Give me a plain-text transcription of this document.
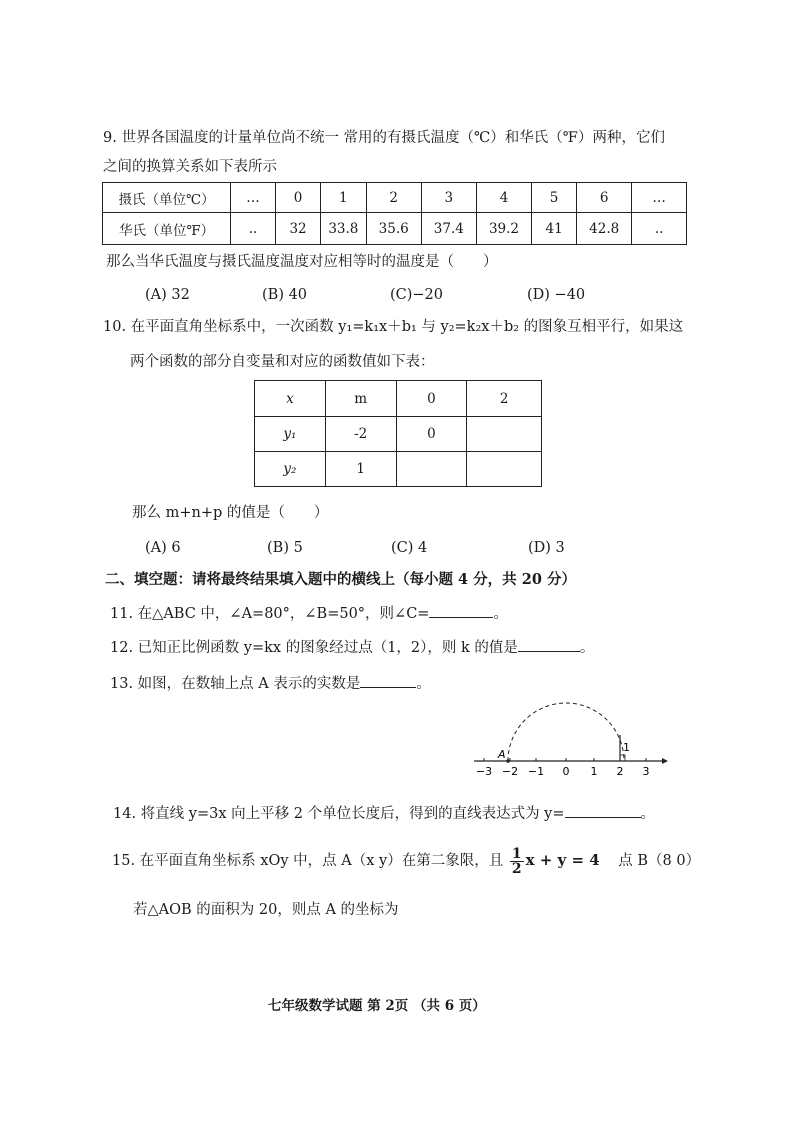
9. 世界各国温度的计量单位尚不统一 常用的有摄氏温度（℃）和华氏（℉）两种，它们
之间的换算关系如下表所示
摄氏（单位℃）	…	0	1	2	3	4	5	6	…
华氏（单位℉）	..	32	33.8	35.6	37.4	39.2	41	42.8	..
那么当华氏温度与摄氏温度温度对应相等时的温度是（　　）
(A) 32	(B) 40	(C)−20	(D) −40
10. 在平面直角坐标系中，一次函数 y₁=k₁x＋b₁ 与 y₂=k₂x＋b₂ 的图象互相平行，如果这
两个函数的部分自变量和对应的函数值如下表：
x	m	0	2
y₁	-2	0	
y₂	1		
那么 m+n+p 的值是（　　）
(A) 6	(B) 5	(C) 4	(D) 3
二、填空题：请将最终结果填入题中的横线上（每小题 4 分，共 20 分）
11. 在△ABC 中，∠A=80°，∠B=50°，则∠C=	。
12. 已知正比例函数 y=kx 的图象经过点（1，2），则 k 的值是	。
13. 如图，在数轴上点 A 表示的实数是	。
A
1
−3 −2 −1 0 1 2 3
14. 将直线 y=3x 向上平移 2 个单位长度后，得到的直线表达式为 y=	。
15. 在平面直角坐标系 xOy 中，点 A（x y）在第二象限，且 $\frac{1}{2}$ x + y = 4 点 B（8 0）
若△AOB 的面积为 20，则点 A 的坐标为
七年级数学试题 第 2页 （共 6 页）
